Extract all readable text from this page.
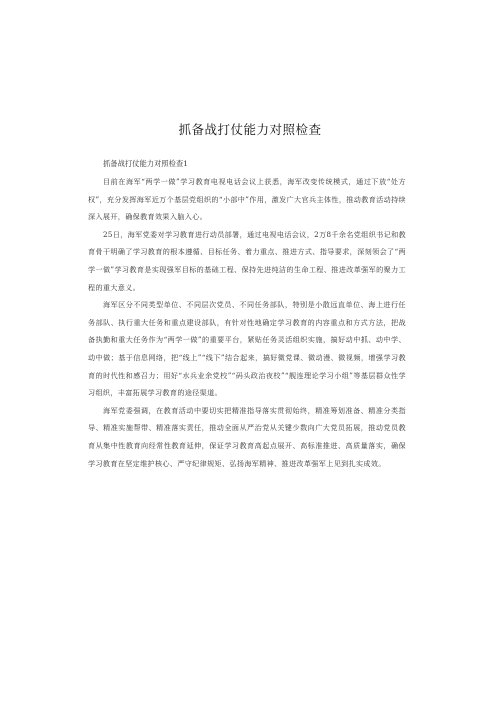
抓备战打仗能力对照检查

抓备战打仗能力对照检查1

目前在海军“两学一做”学习教育电视电话会议上获悉，海军改变传统模式，通过下放“处方权”，充分发挥海军近万个基层党组织的“小部中”作用，激发广大官兵主体性，推动教育活动持续深入展开，确保教育效果入脑入心。

25日，海军党委对学习教育进行动员部署，通过电视电话会议，2万8千余名党组织书记和教育骨干明确了学习教育的根本遵循、目标任务、着力重点、推进方式、指导要求，深刻领会了“两学一做”学习教育是实现强军目标的基础工程、保持先进纯洁的生命工程、推进改革强军的聚力工程的重大意义。

海军区分不同类型单位、不同层次党员、不同任务部队，特别是小散远直单位、海上进行任务部队、执行重大任务和重点建设部队，有针对性地确定学习教育的内容重点和方式方法，把战备执勤和重大任务作为“两学一做”的重要平台，紧贴任务灵活组织实施，搞好动中抓、动中学、动中做；基于信息网络，把“线上”“线下”结合起来，搞好微党课、微动漫、微视频，增强学习教育的时代性和感召力；用好“水兵业余党校”“码头政治夜校”“舰连理论学习小组”等基层群众性学习组织，丰富拓展学习教育的途径渠道。

海军党委强调，在教育活动中要切实把精准指导落实贯彻始终，精准筹划准备、精准分类指导、精准实施帮带、精准落实责任，推动全面从严治党从关键少数向广大党员拓展，推动党员教育从集中性教育向经常性教育延伸，保证学习教育高起点展开、高标准推进、高质量落实，确保学习教育在坚定维护核心、严守纪律规矩、弘扬海军精神、推进改革强军上见到扎实成效。
